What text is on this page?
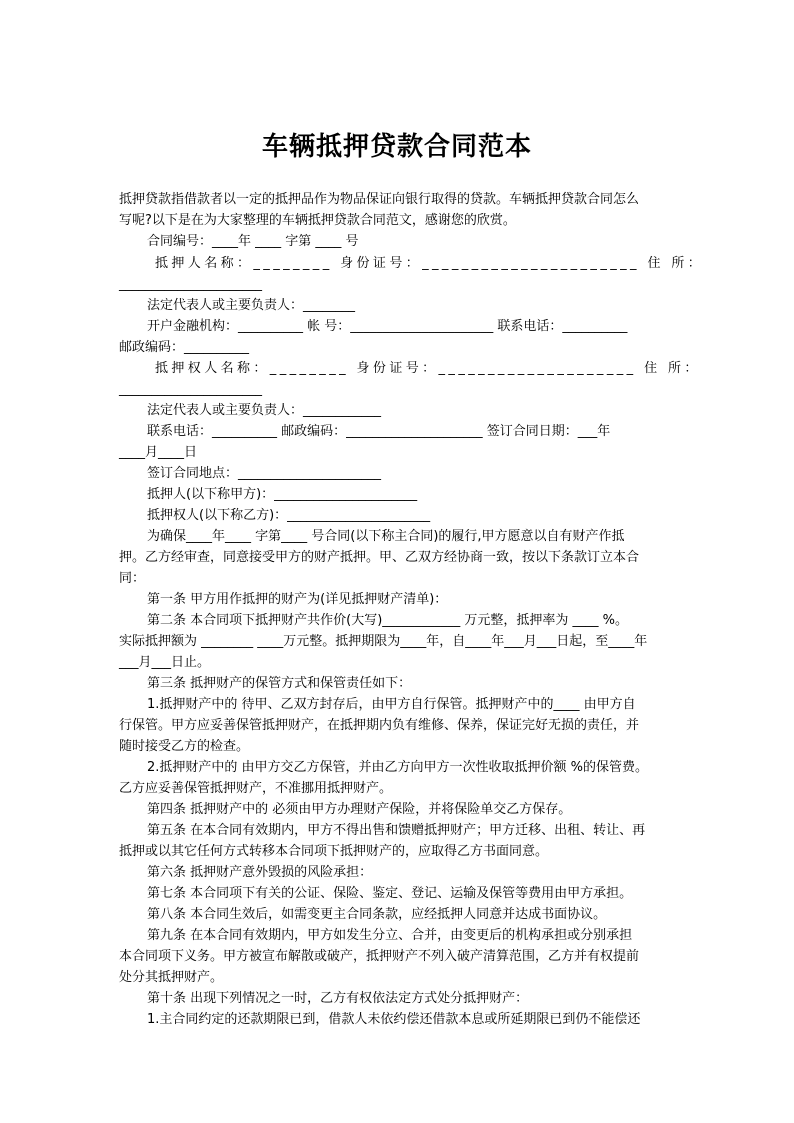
车辆抵押贷款合同范本
抵押贷款指借款者以一定的抵押品作为物品保证向银行取得的贷款。车辆抵押贷款合同怎么
写呢?以下是在为大家整理的车辆抵押贷款合同范文，感谢您的欣赏。
合同编号：____年 ____ 字第 ____ 号
抵押人名称：________ 身份证号：______________________ 住 所：
______________________
法定代表人或主要负责人：________
开户金融机构：__________ 帐 号：______________________ 联系电话：__________
邮政编码：__________
抵押权人名称：________ 身份证号：____________________ 住 所：
______________________
法定代表人或主要负责人：____________
联系电话：__________ 邮政编码：_____________________ 签订合同日期：___年
____月____日
签订合同地点：______________________
抵押人(以下称甲方)：______________________
抵押权人(以下称乙方)：______________________
为确保____年____ 字第____ 号合同(以下称主合同)的履行,甲方愿意以自有财产作抵
押。乙方经审查，同意接受甲方的财产抵押。甲、乙双方经协商一致，按以下条款订立本合
同：
第一条 甲方用作抵押的财产为(详见抵押财产清单)：
第二条 本合同项下抵押财产共作价(大写)____________ 万元整，抵押率为 ____ %。
实际抵押额为 ________ ____万元整。抵押期限为____年，自____年___月___日起，至____年
___月___日止。
第三条 抵押财产的保管方式和保管责任如下：
1.抵押财产中的 待甲、乙双方封存后，由甲方自行保管。抵押财产中的____ 由甲方自
行保管。甲方应妥善保管抵押财产，在抵押期内负有维修、保养，保证完好无损的责任，并
随时接受乙方的检查。
2.抵押财产中的 由甲方交乙方保管，并由乙方向甲方一次性收取抵押价额 %的保管费。
乙方应妥善保管抵押财产，不准挪用抵押财产。
第四条 抵押财产中的 必须由甲方办理财产保险，并将保险单交乙方保存。
第五条 在本合同有效期内，甲方不得出售和馈赠抵押财产；甲方迁移、出租、转让、再
抵押或以其它任何方式转移本合同项下抵押财产的，应取得乙方书面同意。
第六条 抵押财产意外毁损的风险承担：
第七条 本合同项下有关的公证、保险、鉴定、登记、运输及保管等费用由甲方承担。
第八条 本合同生效后，如需变更主合同条款，应经抵押人同意并达成书面协议。
第九条 在本合同有效期内，甲方如发生分立、合并，由变更后的机构承担或分别承担
本合同项下义务。甲方被宣布解散或破产，抵押财产不列入破产清算范围，乙方并有权提前
处分其抵押财产。
第十条 出现下列情况之一时，乙方有权依法定方式处分抵押财产：
1.主合同约定的还款期限已到，借款人未依约偿还借款本息或所延期限已到仍不能偿还
